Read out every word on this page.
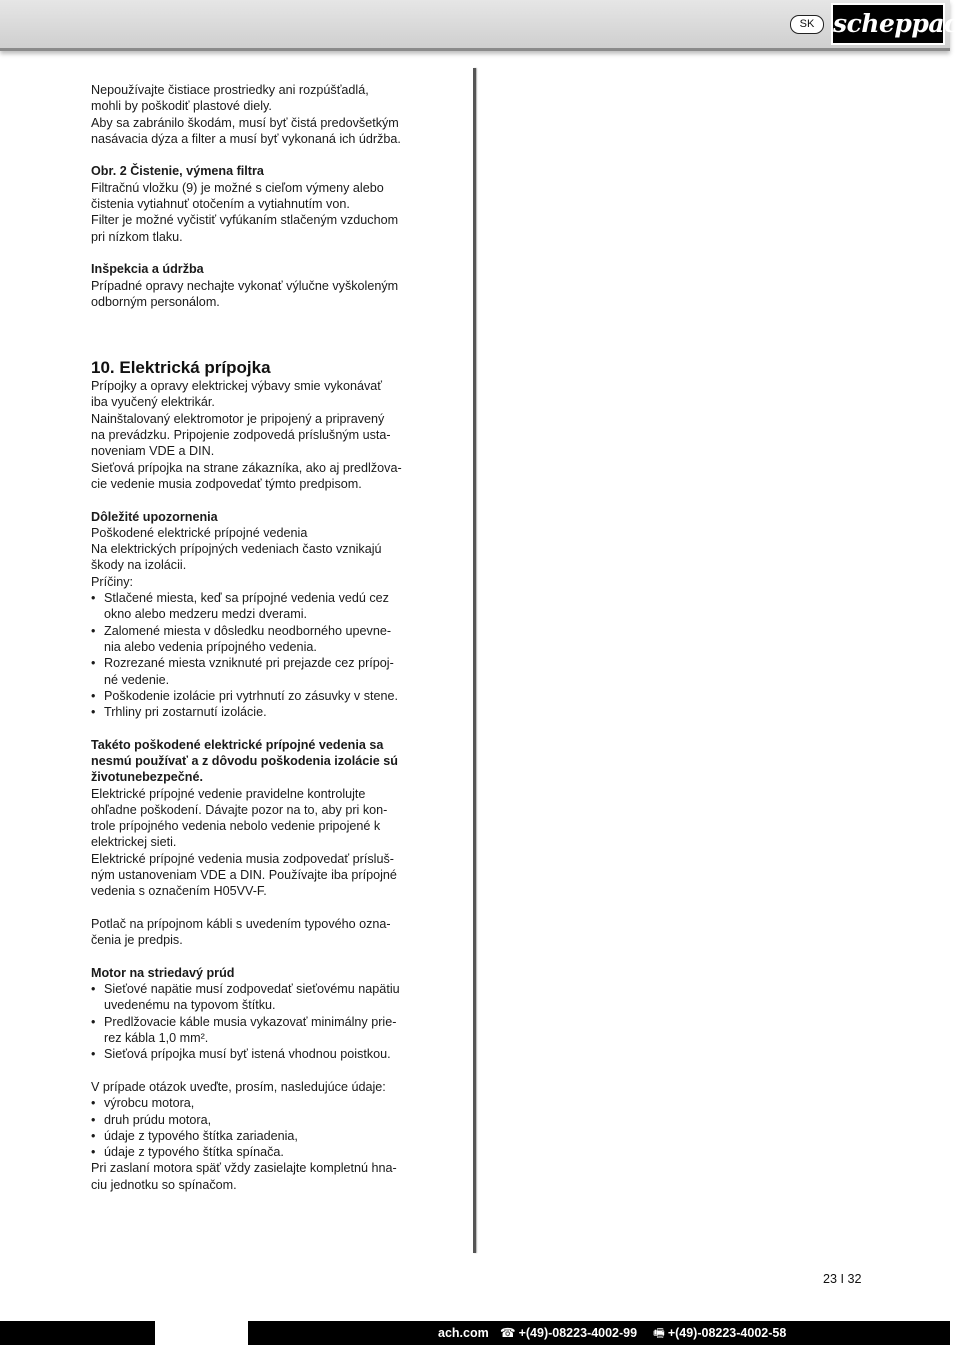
SK scheppach

Nepoužívajte čistiace prostriedky ani rozpúšťadlá,

mohli by poškodiť plastové diely.

Aby sa zabránilo škodám, musí byť čistá predovšetkým

nasávacia dýza a filter a musí byť vykonaná ich údržba.

Obr. 2 Čistenie, výmena filtra

Filtračnú vložku (9) je možné s cieľom výmeny alebo

čistenia vytiahnuť otočením a vytiahnutím von.

Filter je možné vyčistiť vyfúkaním stlačeným vzduchom

pri nízkom tlaku.

Inšpekcia a údržba

Prípadné opravy nechajte vykonať výlučne vyškoleným

odborným personálom.

10. Elektrická prípojka

Prípojky a opravy elektrickej výbavy smie vykonávať

iba vyučený elektrikár.

Nainštalovaný elektromotor je pripojený a pripravený

na prevádzku. Pripojenie zodpovedá príslušným usta-

noveniam VDE a DIN.

Sieťová prípojka na strane zákazníka, ako aj predlžova-

cie vedenie musia zodpovedať týmto predpisom.

Dôležité upozornenia

Poškodené elektrické prípojné vedenia

Na elektrických prípojných vedeniach často vznikajú

škody na izolácii.

Príčiny:

• Stlačené miesta, keď sa prípojné vedenia vedú cez
okno alebo medzeru medzi dverami.
• Zalomené miesta v dôsledku neodborného upevne-
nia alebo vedenia prípojného vedenia.
• Rozrezané miesta vzniknuté pri prejazde cez prípoj-
né vedenie.
• Poškodenie izolácie pri vytrhnutí zo zásuvky v stene.
• Trhliny pri zostarnutí izolácie.

Takéto poškodené elektrické prípojné vedenia sa

nesmú používať a z dôvodu poškodenia izolácie sú

životunebezpečné.

Elektrické prípojné vedenie pravidelne kontrolujte

ohľadne poškodení. Dávajte pozor na to, aby pri kon-

trole prípojného vedenia nebolo vedenie pripojené k

elektrickej sieti.

Elektrické prípojné vedenia musia zodpovedať prísluš-

ným ustanoveniam VDE a DIN. Používajte iba prípojné

vedenia s označením H05VV-F.

Potlač na prípojnom kábli s uvedením typového ozna-

čenia je predpis.

Motor na striedavý prúd

• Sieťové napätie musí zodpovedať sieťovému napätiu
uvedenému na typovom štítku.
• Predlžovacie káble musia vykazovať minimálny prie-
rez kábla 1,0 mm².
• Sieťová prípojka musí byť istená vhodnou poistkou.

V prípade otázok uveďte, prosím, nasledujúce údaje:

• výrobcu motora,
• druh prúdu motora,
• údaje z typového štítka zariadenia,
• údaje z typového štítka spínača.

Pri zaslaní motora späť vždy zasielajte kompletnú hna-

ciu jednotku so spínačom.

23 I 32
ach.com ☎ +(49)-08223-4002-99 🖷 +(49)-08223-4002-58
